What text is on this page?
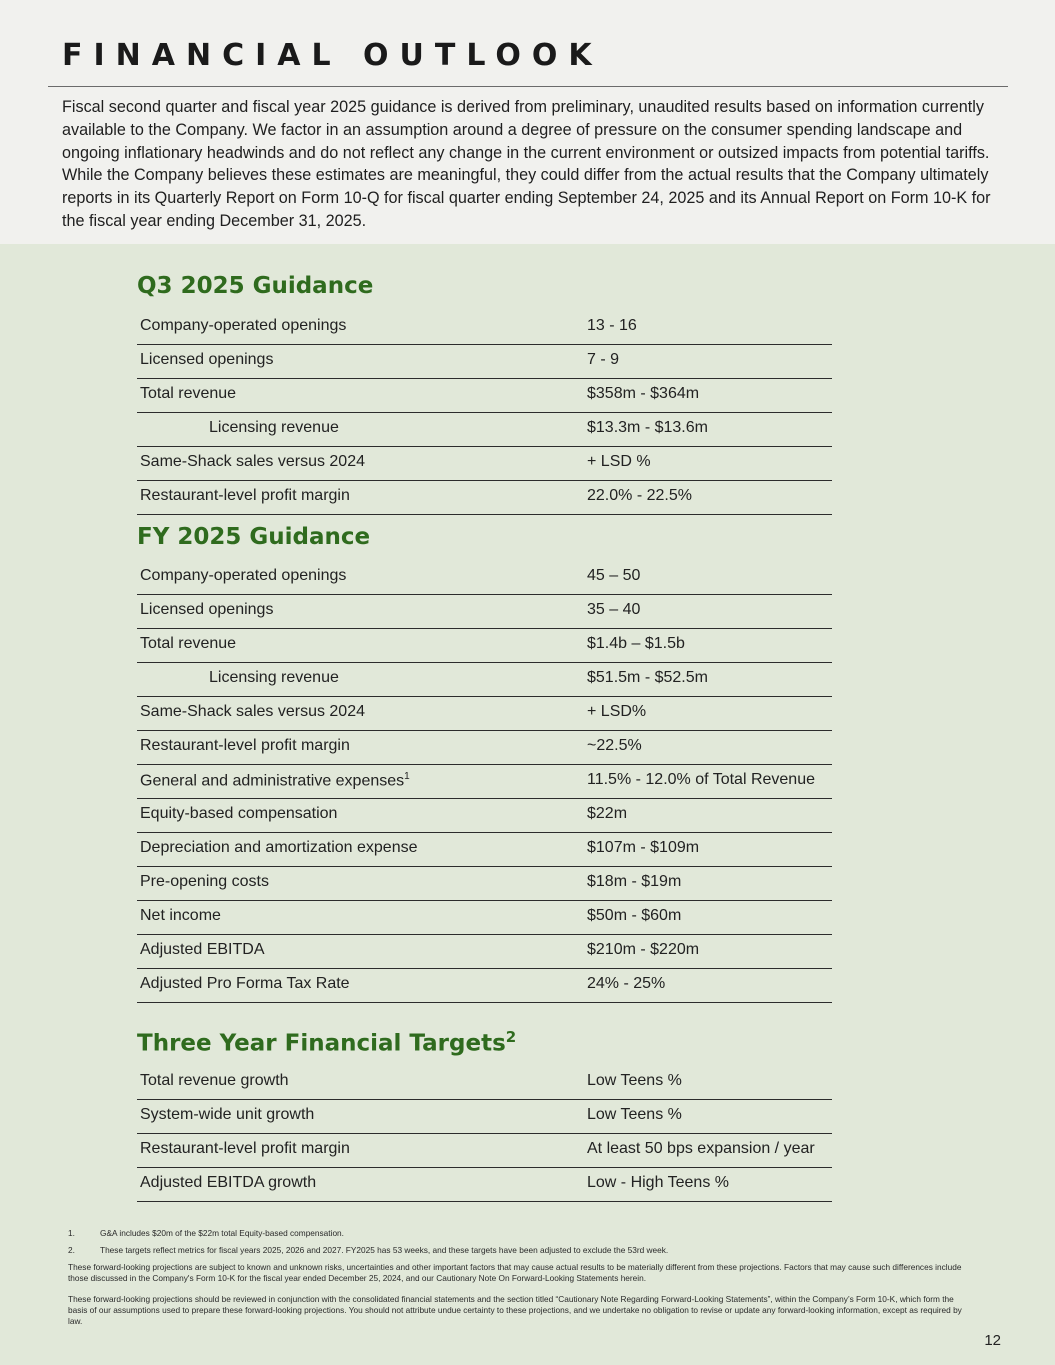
FINANCIAL OUTLOOK

Fiscal second quarter and fiscal year 2025 guidance is derived from preliminary, unaudited results based on information currently available to the Company. We factor in an assumption around a degree of pressure on the consumer spending landscape and ongoing inflationary headwinds and do not reflect any change in the current environment or outsized impacts from potential tariffs. While the Company believes these estimates are meaningful, they could differ from the actual results that the Company ultimately reports in its Quarterly Report on Form 10-Q for fiscal quarter ending September 24, 2025 and its Annual Report on Form 10-K for the fiscal year ending December 31, 2025.

Q3 2025 Guidance
Company-operated openings	13 - 16
Licensed openings	7 - 9
Total revenue	$358m - $364m
Licensing revenue	$13.3m - $13.6m
Same-Shack sales versus 2024	+ LSD %
Restaurant-level profit margin	22.0% - 22.5%
FY 2025 Guidance
Company-operated openings	45 – 50
Licensed openings	35 – 40
Total revenue	$1.4b – $1.5b
Licensing revenue	$51.5m - $52.5m
Same-Shack sales versus 2024	+ LSD%
Restaurant-level profit margin	~22.5%
General and administrative expenses$^1$	11.5% - 12.0% of Total Revenue
Equity-based compensation	$22m
Depreciation and amortization expense	$107m - $109m
Pre-opening costs	$18m - $19m
Net income	$50m - $60m
Adjusted EBITDA	$210m - $220m
Adjusted Pro Forma Tax Rate	24% - 25%
Three Year Financial Targets$^2$
Total revenue growth	Low Teens %
System-wide unit growth	Low Teens %
Restaurant-level profit margin	At least 50 bps expansion / year
Adjusted EBITDA growth	Low - High Teens %
1.	G&A includes $20m of the $22m total Equity-based compensation.
2.	These targets reflect metrics for fiscal years 2025, 2026 and 2027. FY2025 has 53 weeks, and these targets have been adjusted to exclude the 53rd week.

These forward-looking projections are subject to known and unknown risks, uncertainties and other important factors that may cause actual results to be materially different from these projections. Factors that may cause such differences include those discussed in the Company's Form 10-K for the fiscal year ended December 25, 2024, and our Cautionary Note On Forward-Looking Statements herein.

These forward-looking projections should be reviewed in conjunction with the consolidated financial statements and the section titled “Cautionary Note Regarding Forward-Looking Statements”, within the Company’s Form 10-K, which form the basis of our assumptions used to prepare these forward-looking projections. You should not attribute undue certainty to these projections, and we undertake no obligation to revise or update any forward-looking information, except as required by law.

12
